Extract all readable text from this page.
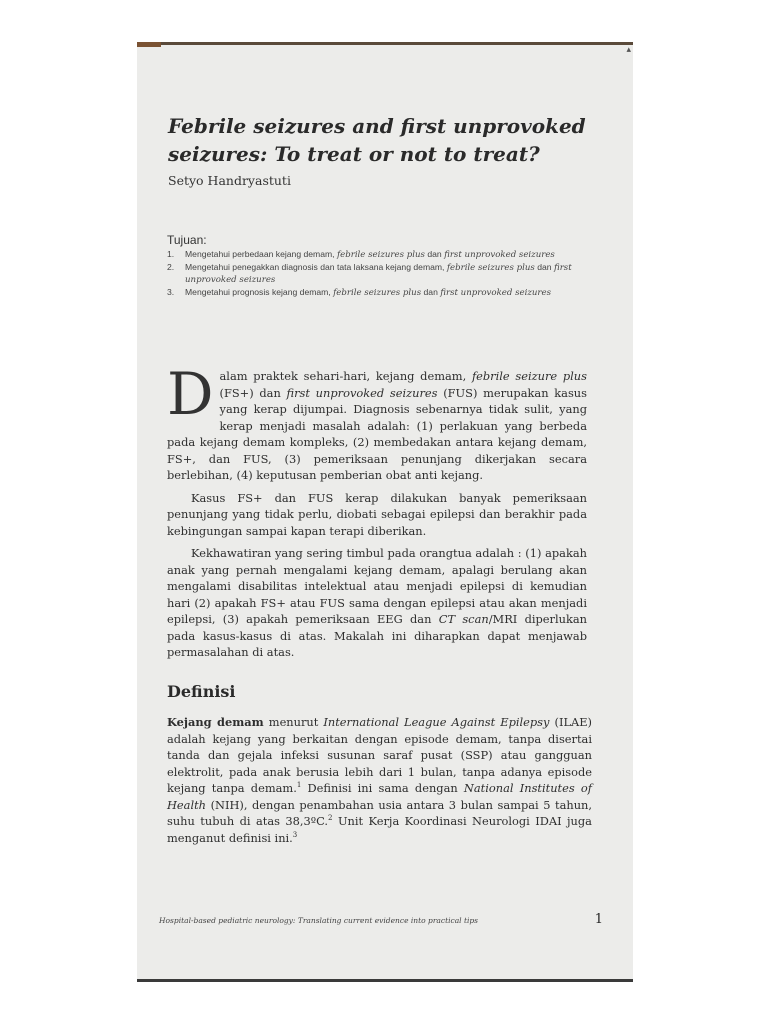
▴
Febrile seizures and first unprovoked seizures: To treat or not to treat?
Setyo Handryastuti
Tujuan:
1.	Mengetahui perbedaan kejang demam, febrile seizures plus dan first unprovoked seizures
2.	Mengetahui penegakkan diagnosis dan tata laksana kejang demam, febrile seizures plus dan first unprovoked seizures
3.	Mengetahui prognosis kejang demam, febrile seizures plus dan first unprovoked seizures

Dalam praktek sehari-hari, kejang demam, febrile seizure plus (FS+) dan first unprovoked seizures (FUS) merupakan kasus yang kerap dijumpai. Diagnosis sebenarnya tidak sulit, yang kerap menjadi masalah adalah: (1) perlakuan yang berbeda pada kejang demam kompleks, (2) membedakan antara kejang demam, FS+, dan FUS, (3) pemeriksaan penunjang dikerjakan secara berlebihan, (4) keputusan pemberian obat anti kejang.

Kasus FS+ dan FUS kerap dilakukan banyak pemeriksaan penunjang yang tidak perlu, diobati sebagai epilepsi dan berakhir pada kebingungan sampai kapan terapi diberikan.

Kekhawatiran yang sering timbul pada orangtua adalah : (1) apakah anak yang pernah mengalami kejang demam, apalagi berulang akan mengalami disabilitas intelektual atau menjadi epilepsi di kemudian hari (2) apakah FS+ atau FUS sama dengan epilepsi atau akan menjadi epilepsi, (3) apakah pemeriksaan EEG dan CT scan/MRI diperlukan pada kasus-kasus di atas. Makalah ini diharapkan dapat menjawab permasalahan di atas.

Definisi

Kejang demam menurut International League Against Epilepsy (ILAE) adalah kejang yang berkaitan dengan episode demam, tanpa disertai tanda dan gejala infeksi susunan saraf pusat (SSP) atau gangguan elektrolit, pada anak berusia lebih dari 1 bulan, tanpa adanya episode kejang tanpa demam.$^1$ Definisi ini sama dengan National Institutes of Health (NIH), dengan penambahan usia antara 3 bulan sampai 5 tahun, suhu tubuh di atas 38,3ºC.$^2$ Unit Kerja Koordinasi Neurologi IDAI juga menganut definisi ini.$^3$

Hospital-based pediatric neurology: Translating current evidence into practical tips	1
